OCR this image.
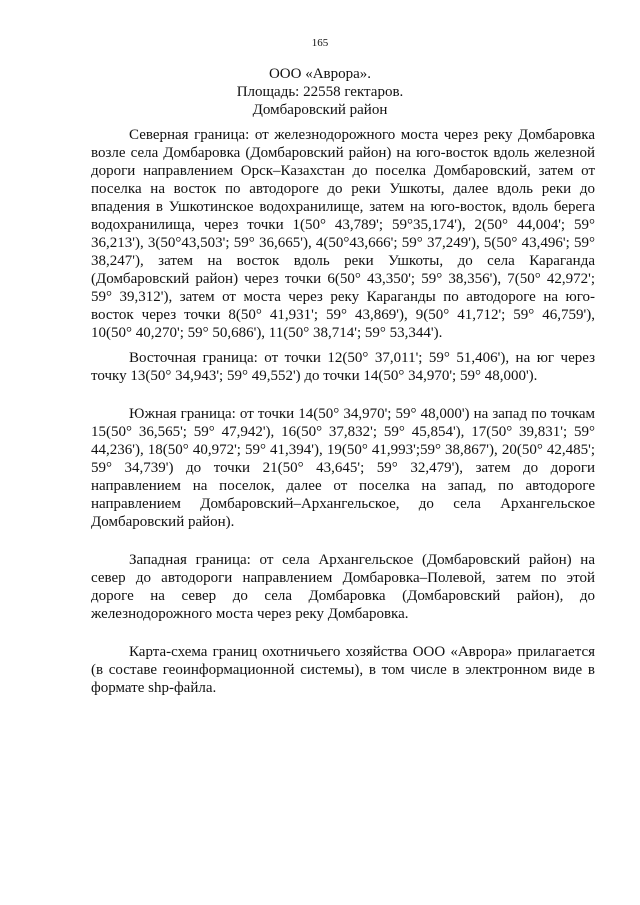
165
ООО «Аврора».
Площадь: 22558 гектаров.
Домбаровский район

Северная граница: от железнодорожного моста через реку Домбаровка возле села Домбаровка (Домбаровский район) на юго-восток вдоль железной дороги направлением Орск–Казахстан до поселка Домбаровский, затем от поселка на восток по автодороге до реки Ушкоты, далее вдоль реки до впадения в Ушкотинское водохранилище, затем на юго-восток, вдоль берега водохранилища, через точки 1(50° 43,789'; 59°35,174'), 2(50° 44,004'; 59° 36,213'), 3(50°43,503'; 59° 36,665'), 4(50°43,666'; 59° 37,249'), 5(50° 43,496'; 59° 38,247'), затем на восток вдоль реки Ушкоты, до села Караганда (Домбаровский район) через точки 6(50° 43,350'; 59° 38,356'), 7(50° 42,972'; 59° 39,312'), затем от моста через реку Караганды по автодороге на юго-восток через точки 8(50° 41,931'; 59° 43,869'), 9(50° 41,712'; 59° 46,759'), 10(50° 40,270'; 59° 50,686'), 11(50° 38,714'; 59° 53,344').

Восточная граница: от точки 12(50° 37,011'; 59° 51,406'), на юг через точку 13(50° 34,943'; 59° 49,552') до точки 14(50° 34,970'; 59° 48,000').

Южная граница: от точки 14(50° 34,970'; 59° 48,000') на запад по точкам 15(50° 36,565'; 59° 47,942'), 16(50° 37,832'; 59° 45,854'), 17(50° 39,831'; 59° 44,236'), 18(50° 40,972'; 59° 41,394'), 19(50° 41,993';59° 38,867'), 20(50° 42,485'; 59° 34,739') до точки 21(50° 43,645'; 59° 32,479'), затем до дороги направлением на поселок, далее от поселка на запад, по автодороге направлением Домбаровский–Архангельское, до села Архангельское Домбаровский район).

Западная граница: от села Архангельское (Домбаровский район) на север до автодороги направлением Домбаровка–Полевой, затем по этой дороге на север до села Домбаровка (Домбаровский район), до железнодорожного моста через реку Домбаровка.

Карта-схема границ охотничьего хозяйства ООО «Аврора» прилагается (в составе геоинформационной системы), в том числе в электронном виде в формате shp-файла.
